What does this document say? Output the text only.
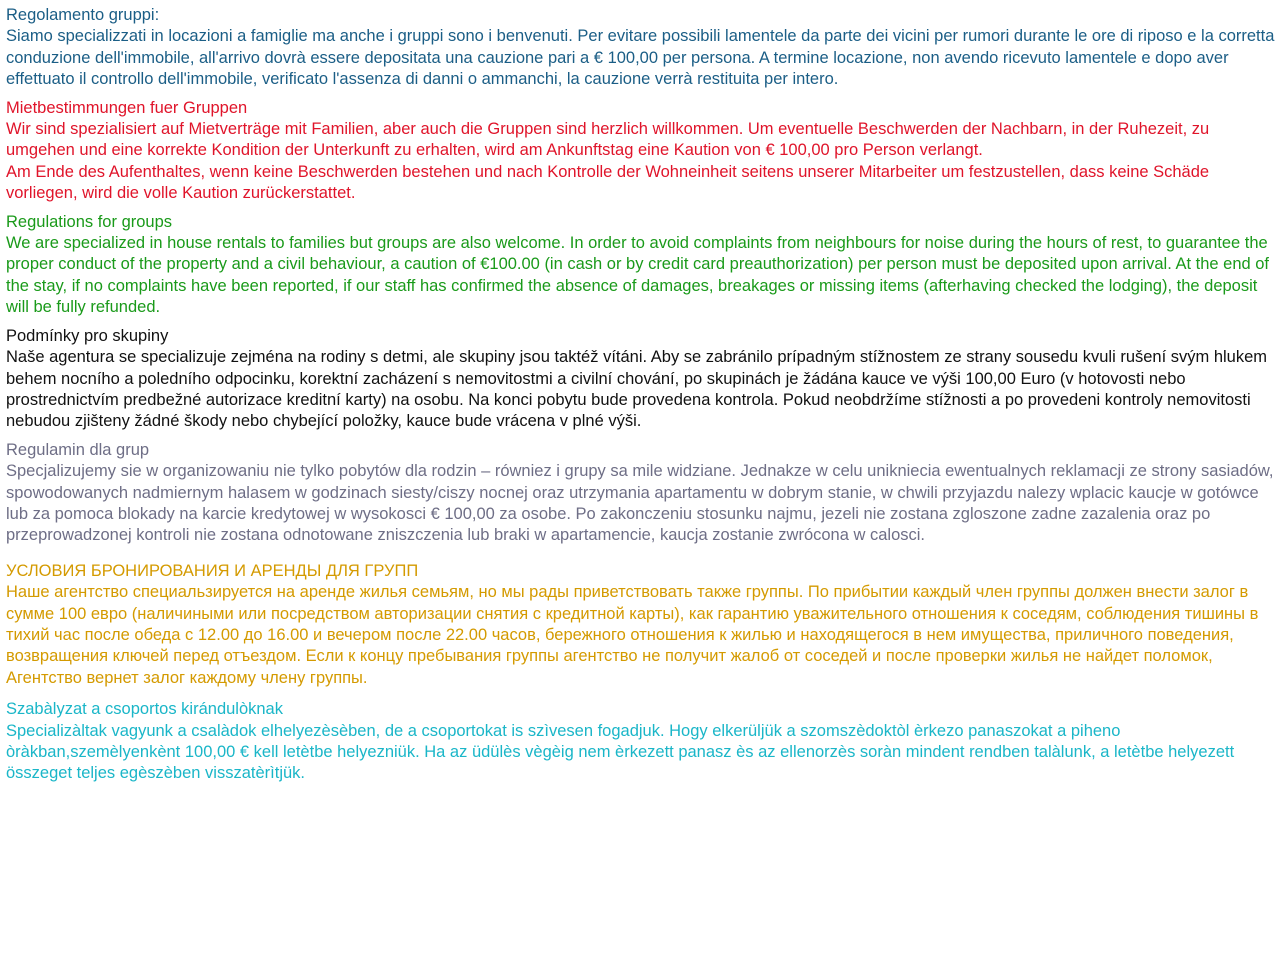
Regolamento gruppi:

Siamo specializzati in locazioni a famiglie ma anche i gruppi sono i benvenuti. Per evitare possibili lamentele da parte dei vicini per rumori durante le ore di riposo e la corretta conduzione dell'immobile, all'arrivo dovrà essere depositata una cauzione pari a € 100,00 per persona. A termine locazione, non avendo ricevuto lamentele e dopo aver effettuato il controllo dell'immobile, verificato l'assenza di danni o ammanchi, la cauzione verrà restituita per intero.

Mietbestimmungen fuer Gruppen

Wir sind spezialisiert auf Mietverträge mit Familien, aber auch die Gruppen sind herzlich willkommen. Um eventuelle Beschwerden der Nachbarn, in der Ruhezeit, zu umgehen und eine korrekte Kondition der Unterkunft zu erhalten, wird am Ankunftstag eine Kaution von € 100,00 pro Person verlangt.

Am Ende des Aufenthaltes, wenn keine Beschwerden bestehen und nach Kontrolle der Wohneinheit seitens unserer Mitarbeiter um festzustellen, dass keine Schäde vorliegen, wird die volle Kaution zurückerstattet.

Regulations for groups

We are specialized in house rentals to families but groups are also welcome. In order to avoid complaints from neighbours for noise during the hours of rest, to guarantee the proper conduct of the property and a civil behaviour, a caution of €100.00 (in cash or by credit card preauthorization) per person must be deposited upon arrival. At the end of the stay, if no complaints have been reported, if our staff has confirmed the absence of damages, breakages or missing items (afterhaving checked the lodging), the deposit will be fully refunded.

Podmínky pro skupiny

Naše agentura se specializuje zejména na rodiny s detmi, ale skupiny jsou taktéž vítáni. Aby se zabránilo prípadným stížnostem ze strany sousedu kvuli rušení svým hlukem behem nocního a poledního odpocinku, korektní zacházení s nemovitostmi a civilní chování, po skupinách je žádána kauce ve výši 100,00 Euro (v hotovosti nebo prostrednictvím predbežné autorizace kreditní karty) na osobu. Na konci pobytu bude provedena kontrola. Pokud neobdržíme stížnosti a po provedeni kontroly nemovitosti nebudou zjišteny žádné škody nebo chybející položky, kauce bude vrácena v plné výši.

Regulamin dla grup

Specjalizujemy sie w organizowaniu nie tylko pobytów dla rodzin – równiez i grupy sa mile widziane. Jednakze w celu unikniecia ewentualnych reklamacji ze strony sasiadów, spowodowanych nadmiernym halasem w godzinach siesty/ciszy nocnej oraz utrzymania apartamentu w dobrym stanie, w chwili przyjazdu nalezy wplacic kaucje w gotówce lub za pomoca blokady na karcie kredytowej w wysokosci € 100,00 za osobe. Po zakonczeniu stosunku najmu, jezeli nie zostana zgloszone zadne zazalenia oraz po przeprowadzonej kontroli nie zostana odnotowane zniszczenia lub braki w apartamencie, kaucja zostanie zwrócona w calosci.

УСЛОВИЯ БРОНИРОВАНИЯ И АРЕНДЫ ДЛЯ ГРУПП

Наше агентство специальзируется на аренде жилья семьям, но мы рады приветствовать также группы. По прибытии каждый член группы должен внести залог в сумме 100 евро (наличиными или посредством авторизации снятия с кредитной карты), как гарантию уважительного отношения к соседям, соблюдения тишины в тихий час после обеда с 12.00 до 16.00 и вечером после 22.00 часов, бережного отношения к жилью и находящегося в нем имущества, приличного поведения, возвращения ключей перед отъездом. Если к концу пребывания группы агентство не получит жалоб от соседей и после проверки жилья не найдет поломок, Агентство вернет залог каждому члену группы.

Szabàlyzat a csoportos kirándulòknak

Specializàltak vagyunk a csalàdok elhelyezèsèben, de a csoportokat is szìvesen fogadjuk. Hogy elkerüljük a szomszèdoktòl èrkezo panaszokat a piheno òràkban,szemèlyenkènt 100,00 € kell letètbe helyezniük. Ha az üdülès vègèig nem èrkezett panasz ès az ellenorzès soràn mindent rendben talàlunk, a letètbe helyezett összeget teljes egèszèben visszatèrìtjük.
